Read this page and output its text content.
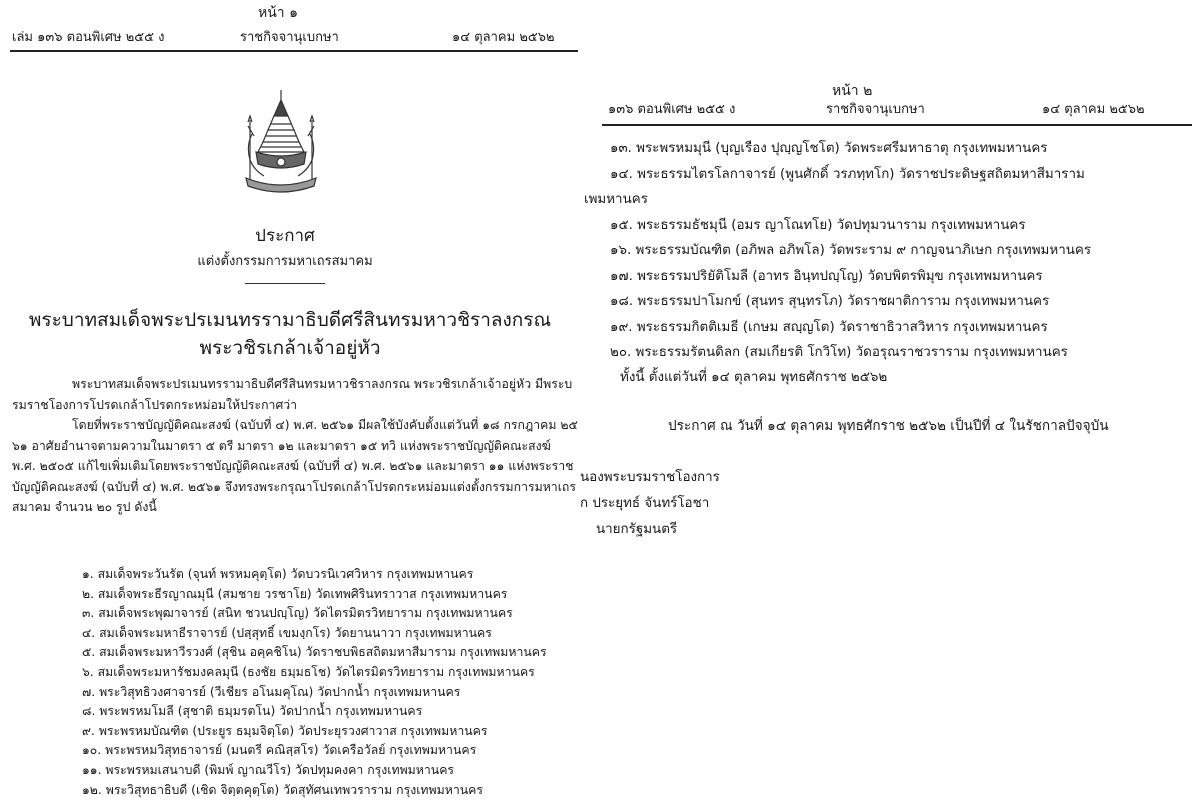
หน้า ๑
เล่ม ๑๓๖ ตอนพิเศษ ๒๕๕ ง	ราชกิจจานุเบกษา	๑๔ ตุลาคม ๒๕๖๒
ประกาศ
แต่งตั้งกรรมการมหาเถรสมาคม
พระบาทสมเด็จพระปรเมนทรรามาธิบดีศรีสินทรมหาวชิราลงกรณ
พระวชิรเกล้าเจ้าอยู่หัว

พระบาทสมเด็จพระปรเมนทรรามาธิบดีศรีสินทรมหาวชิราลงกรณ พระวชิรเกล้าเจ้าอยู่หัว มีพระบรมราชโองการโปรดเกล้าโปรดกระหม่อมให้ประกาศว่า

โดยที่พระราชบัญญัติคณะสงฆ์ (ฉบับที่ ๔) พ.ศ. ๒๕๖๑ มีผลใช้บังคับตั้งแต่วันที่ ๑๘ กรกฎาคม ๒๕๖๑ อาศัยอำนาจตามความในมาตรา ๕ ตรี มาตรา ๑๒ และมาตรา ๑๕ ทวิ แห่งพระราชบัญญัติคณะสงฆ์ พ.ศ. ๒๕๐๕ แก้ไขเพิ่มเติมโดยพระราชบัญญัติคณะสงฆ์ (ฉบับที่ ๔) พ.ศ. ๒๕๖๑ และมาตรา ๑๑ แห่งพระราชบัญญัติคณะสงฆ์ (ฉบับที่ ๔) พ.ศ. ๒๕๖๑ จึงทรงพระกรุณาโปรดเกล้าโปรดกระหม่อมแต่งตั้งกรรมการมหาเถรสมาคม จำนวน ๒๐ รูป ดังนี้

๑. สมเด็จพระวันรัต (จุนท์ พรหมคุตฺโต) วัดบวรนิเวศวิหาร กรุงเทพมหานคร
๒. สมเด็จพระธีรญาณมุนี (สมชาย วรชาโย) วัดเทพศิรินทราวาส กรุงเทพมหานคร
๓. สมเด็จพระพุฒาจารย์ (สนิท ชวนปญฺโญ) วัดไตรมิตรวิทยาราม กรุงเทพมหานคร
๔. สมเด็จพระมหาธีราจารย์ (ปสฺสุทธิ์ เขมงฺกโร) วัดยานนาวา กรุงเทพมหานคร
๕. สมเด็จพระมหาวีรวงศ์ (สุชิน อคฺคชิโน) วัดราชบพิธสถิตมหาสีมาราม กรุงเทพมหานคร
๖. สมเด็จพระมหารัชมงคลมุนี (ธงชัย ธมฺมธโช) วัดไตรมิตรวิทยาราม กรุงเทพมหานคร
๗. พระวิสุทธิวงศาจารย์ (วีเชียร อโนมคุโณ) วัดปากน้ำ กรุงเทพมหานคร
๘. พระพรหมโมลี (สุชาติ ธมฺมรตโน) วัดปากน้ำ กรุงเทพมหานคร
๙. พระพรหมบัณฑิต (ประยูร ธมฺมจิตฺโต) วัดประยุรวงศาวาส กรุงเทพมหานคร
๑๐. พระพรหมวิสุทธาจารย์ (มนตรี คณิสฺสโร) วัดเครือวัลย์ กรุงเทพมหานคร
๑๑. พระพรหมเสนาบดี (พิมพ์ ญาณวีโร) วัดปทุมคงคา กรุงเทพมหานคร
๑๒. พระวิสุทธาธิบดี (เชิด จิตฺตคุตฺโต) วัดสุทัศนเทพวราราม กรุงเทพมหานคร
หน้า ๒
๑๓๖ ตอนพิเศษ ๒๕๕ ง	ราชกิจจานุเบกษา	๑๔ ตุลาคม ๒๕๖๒
๑๓. พระพรหมมุนี (บุญเรือง ปุญฺญโชโต) วัดพระศรีมหาธาตุ กรุงเทพมหานคร
๑๔. พระธรรมไตรโลกาจารย์ (พูนศักดิ์ วรภทฺทโก) วัดราชประดิษฐสถิตมหาสีมาราม
เพมหานคร
๑๕. พระธรรมธัชมุนี (อมร ญาโณทโย) วัดปทุมวนาราม กรุงเทพมหานคร
๑๖. พระธรรมบัณฑิต (อภิพล อภิพโล) วัดพระราม ๙ กาญจนาภิเษก กรุงเทพมหานคร
๑๗. พระธรรมปริยัติโมลี (อาทร อินฺทปญฺโญ) วัดบพิตรพิมุข กรุงเทพมหานคร
๑๘. พระธรรมปาโมกข์ (สุนทร สุนฺทรโภ) วัดราชผาติการาม กรุงเทพมหานคร
๑๙. พระธรรมกิตติเมธี (เกษม สญฺญโต) วัดราชาธิวาสวิหาร กรุงเทพมหานคร
๒๐. พระธรรมรัตนดิลก (สมเกียรติ โกวิโท) วัดอรุณราชวราราม กรุงเทพมหานคร
ทั้งนี้ ตั้งแต่วันที่ ๑๔ ตุลาคม พุทธศักราช ๒๕๖๒
ประกาศ ณ วันที่ ๑๔ ตุลาคม พุทธศักราช ๒๕๖๒ เป็นปีที่ ๔ ในรัชกาลปัจจุบัน
นองพระบรมราชโองการ
ก ประยุทธ์ จันทร์โอชา
นายกรัฐมนตรี
